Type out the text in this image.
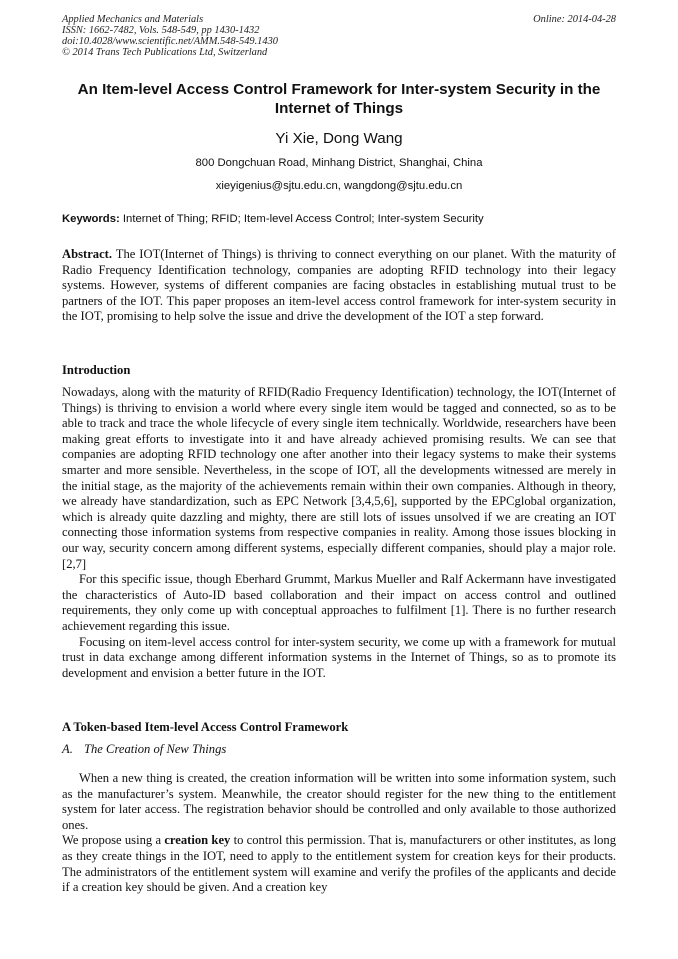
Applied Mechanics and Materials
ISSN: 1662-7482, Vols. 548-549, pp 1430-1432
doi:10.4028/www.scientific.net/AMM.548-549.1430
© 2014 Trans Tech Publications Ltd, Switzerland
Online: 2014-04-28
An Item-level Access Control Framework for Inter-system Security in the Internet of Things
Yi Xie, Dong Wang
800 Dongchuan Road, Minhang District, Shanghai, China
xieyigenius@sjtu.edu.cn, wangdong@sjtu.edu.cn
Keywords: Internet of Thing; RFID; Item-level Access Control; Inter-system Security

Abstract. The IOT(Internet of Things) is thriving to connect everything on our planet. With the maturity of Radio Frequency Identification technology, companies are adopting RFID technology into their legacy systems. However, systems of different companies are facing obstacles in establishing mutual trust to be partners of the IOT. This paper proposes an item-level access control framework for inter-system security in the IOT, promising to help solve the issue and drive the development of the IOT a step forward.

Introduction

Nowadays, along with the maturity of RFID(Radio Frequency Identification) technology, the IOT(Internet of Things) is thriving to envision a world where every single item would be tagged and connected, so as to be able to track and trace the whole lifecycle of every single item technically. Worldwide, researchers have been making great efforts to investigate into it and have already achieved promising results. We can see that companies are adopting RFID technology one after another into their legacy systems to make their systems smarter and more sensible. Nevertheless, in the scope of IOT, all the developments witnessed are merely in the initial stage, as the majority of the achievements remain within their own companies. Although in theory, we already have standardization, such as EPC Network [3,4,5,6], supported by the EPCglobal organization, which is already quite dazzling and mighty, there are still lots of issues unsolved if we are creating an IOT connecting those information systems from respective companies in reality. Among those issues blocking in our way, security concern among different systems, especially different companies, should play a major role. [2,7]

For this specific issue, though Eberhard Grummt, Markus Mueller and Ralf Ackermann have investigated the characteristics of Auto-ID based collaboration and their impact on access control and outlined requirements, they only come up with conceptual approaches to fulfilment [1]. There is no further research achievement regarding this issue.

Focusing on item-level access control for inter-system security, we come up with a framework for mutual trust in data exchange among different information systems in the Internet of Things, so as to promote its development and envision a better future in the IOT.

A Token-based Item-level Access Control Framework
A. The Creation of New Things

When a new thing is created, the creation information will be written into some information system, such as the manufacturer’s system. Meanwhile, the creator should register for the new thing to the entitlement system for later access. The registration behavior should be controlled and only available to those authorized ones.

We propose using a creation key to control this permission. That is, manufacturers or other institutes, as long as they create things in the IOT, need to apply to the entitlement system for creation keys for their products. The administrators of the entitlement system will examine and verify the profiles of the applicants and decide if a creation key should be given. And a creation key
